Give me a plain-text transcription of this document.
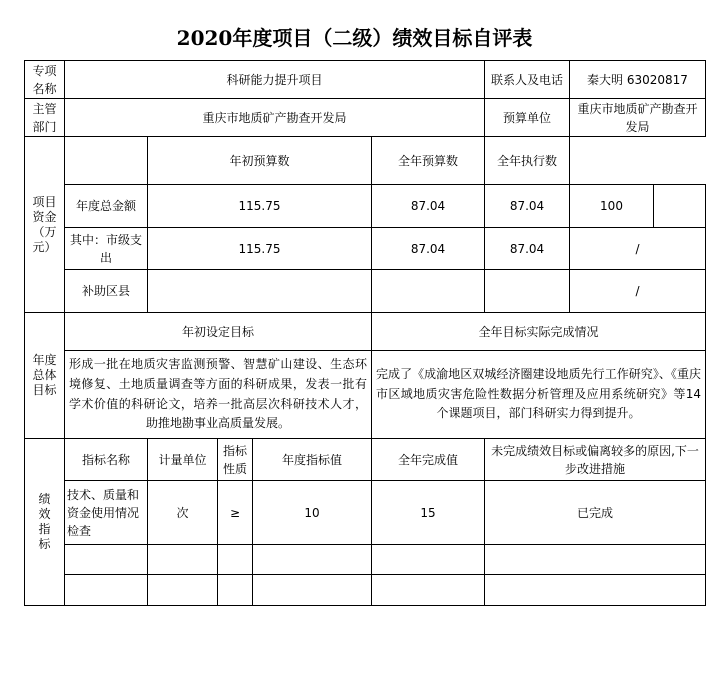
2020年度项目（二级）绩效目标自评表
专项名称	科研能力提升项目					联系人及电话	秦大明 63020817
主管部门	重庆市地质矿产勘查开发局					预算单位	重庆市地质矿产勘查开发局
项目资金（万元）		年初预算数			全年预算数	全年执行数
	年度总金额	115.75			87.04	87.04	100

	其中：市级支出	115.75			87.04	87.04	/
	补助区县						/
年度总体目标	年初设定目标				全年目标实际完成情况		
	形成一批在地质灾害监测预警、智慧矿山建设、生态环境修复、土地质量调查等方面的科研成果，发表一批有学术价值的科研论文，培养一批高层次科研技术人才，助推地勘事业高质量发展。				完成了《成渝地区双城经济圈建设地质先行工作研究》、《重庆市区域地质灾害危险性数据分析管理及应用系统研究》等14个课题项目，部门科研实力得到提升。		
绩效指标	指标名称	计量单位	指标性质	年度指标值	全年完成值	未完成绩效目标或偏离较多的原因,下一步改进措施	
	技术、质量和资金使用情况检查	次	≥	10	15	已完成	
